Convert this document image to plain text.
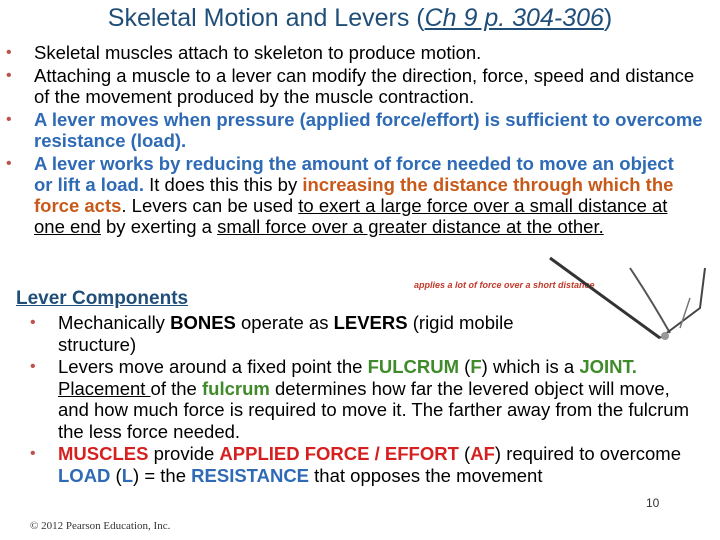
Skeletal Motion and Levers (Ch 9 p. 304-306)
• Skeletal muscles attach to skeleton to produce motion.
• Attaching a muscle to a lever can modify the direction, force, speed and distance of the movement produced by the muscle contraction.
• A lever moves when pressure (applied force/effort) is sufficient to overcome resistance (load).
• A lever works by reducing the amount of force needed to move an object or lift a load. It does this this by increasing the distance through which the force acts. Levers can be used to exert a large force over a small distance at one end by exerting a small force over a greater distance at the other.
applies a lot of force over a short distance
Lever Components
• Mechanically BONES operate as LEVERS (rigid mobile structure)
• Levers move around a fixed point the FULCRUM (F) which is a JOINT. Placement of the fulcrum determines how far the levered object will move, and how much force is required to move it. The farther away from the fulcrum the less force needed.
• MUSCLES provide APPLIED FORCE / EFFORT (AF) required to overcome LOAD (L) = the RESISTANCE that opposes the movement
10
© 2012 Pearson Education, Inc.
